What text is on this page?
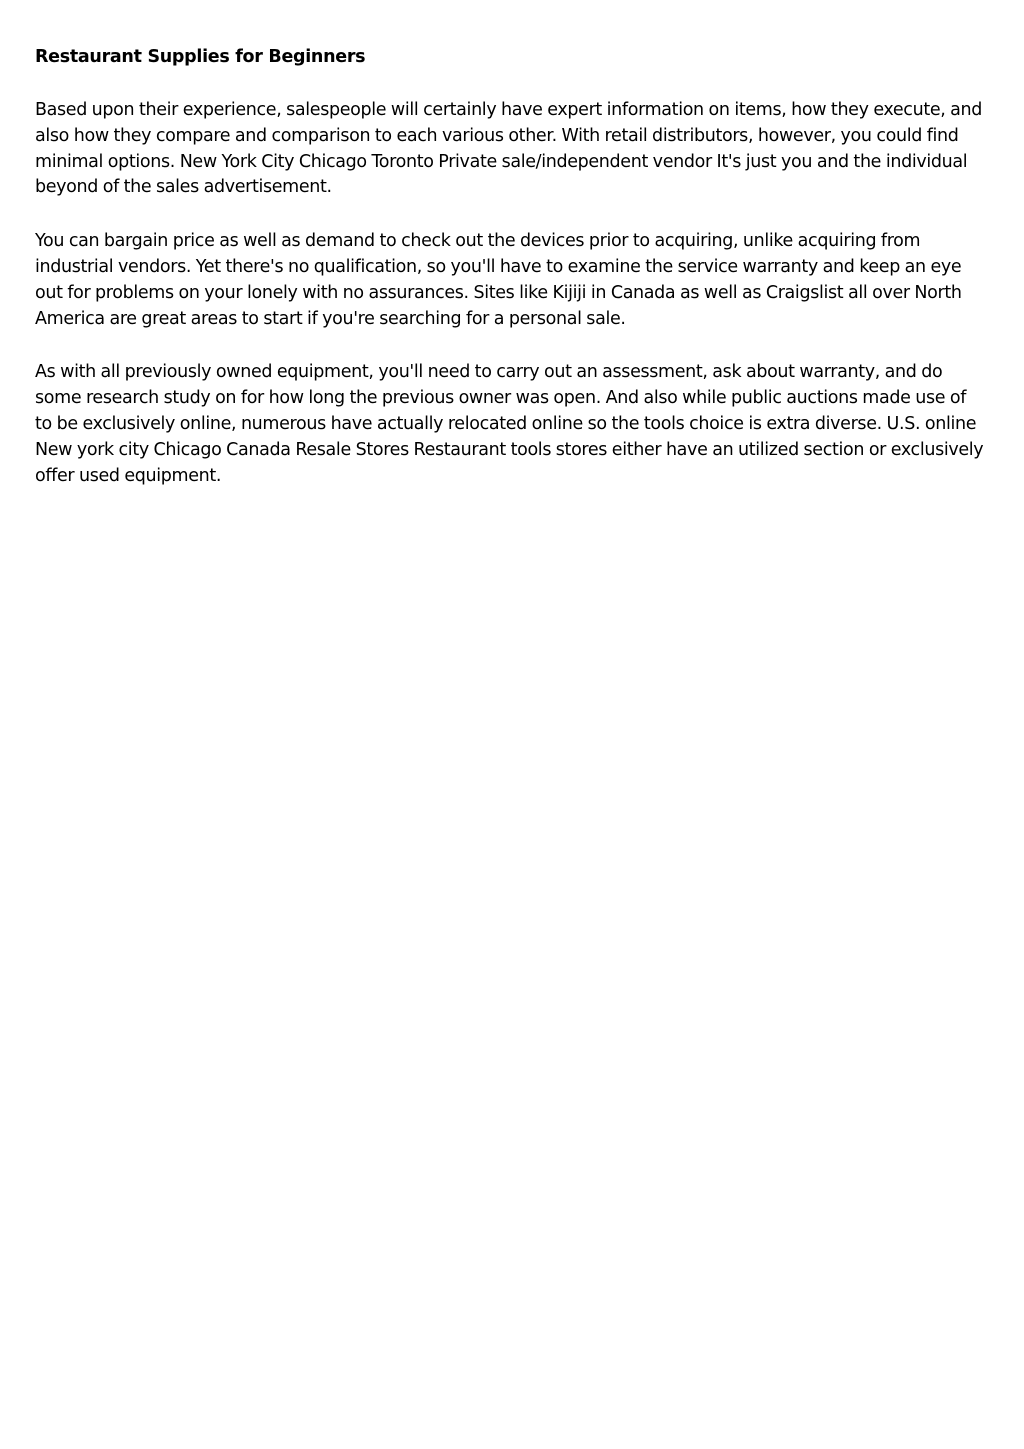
Restaurant Supplies for Beginners

Based upon their experience, salespeople will certainly have expert information on items, how they execute, and also how they compare and comparison to each various other. With retail distributors, however, you could find minimal options. New York City Chicago Toronto Private sale/independent vendor It's just you and the individual beyond of the sales advertisement.

You can bargain price as well as demand to check out the devices prior to acquiring, unlike acquiring from industrial vendors. Yet there's no qualification, so you'll have to examine the service warranty and keep an eye out for problems on your lonely with no assurances. Sites like Kijiji in Canada as well as Craigslist all over North America are great areas to start if you're searching for a personal sale.

As with all previously owned equipment, you'll need to carry out an assessment, ask about warranty, and do some research study on for how long the previous owner was open. And also while public auctions made use of to be exclusively online, numerous have actually relocated online so the tools choice is extra diverse. U.S. online New york city Chicago Canada Resale Stores Restaurant tools stores either have an utilized section or exclusively offer used equipment.
